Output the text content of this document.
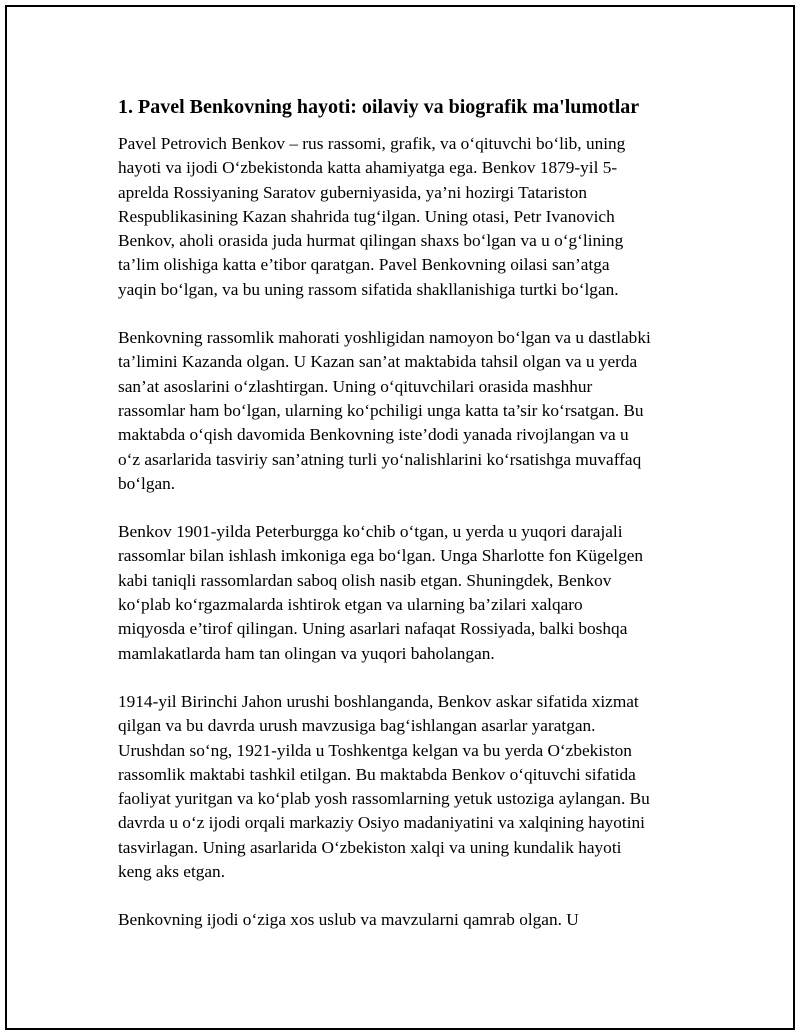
1. Pavel Benkovning hayoti: oilaviy va biografik ma'lumotlar

Pavel Petrovich Benkov – rus rassomi, grafik, va o‘qituvchi bo‘lib, uning
hayoti va ijodi O‘zbekistonda katta ahamiyatga ega. Benkov 1879-yil 5-
aprelda Rossiyaning Saratov guberniyasida, ya’ni hozirgi Tatariston
Respublikasining Kazan shahrida tug‘ilgan. Uning otasi, Petr Ivanovich
Benkov, aholi orasida juda hurmat qilingan shaxs bo‘lgan va u o‘g‘lining
ta’lim olishiga katta e’tibor qaratgan. Pavel Benkovning oilasi san’atga
yaqin bo‘lgan, va bu uning rassom sifatida shakllanishiga turtki bo‘lgan.

Benkovning rassomlik mahorati yoshligidan namoyon bo‘lgan va u dastlabki
ta’limini Kazanda olgan. U Kazan san’at maktabida tahsil olgan va u yerda
san’at asoslarini o‘zlashtirgan. Uning o‘qituvchilari orasida mashhur
rassomlar ham bo‘lgan, ularning ko‘pchiligi unga katta ta’sir ko‘rsatgan. Bu
maktabda o‘qish davomida Benkovning iste’dodi yanada rivojlangan va u
o‘z asarlarida tasviriy san’atning turli yo‘nalishlarini ko‘rsatishga muvaffaq
bo‘lgan.

Benkov 1901-yilda Peterburgga ko‘chib o‘tgan, u yerda u yuqori darajali
rassomlar bilan ishlash imkoniga ega bo‘lgan. Unga Sharlotte fon Kügelgen
kabi taniqli rassomlardan saboq olish nasib etgan. Shuningdek, Benkov
ko‘plab ko‘rgazmalarda ishtirok etgan va ularning ba’zilari xalqaro
miqyosda e’tirof qilingan. Uning asarlari nafaqat Rossiyada, balki boshqa
mamlakatlarda ham tan olingan va yuqori baholangan.

1914-yil Birinchi Jahon urushi boshlanganda, Benkov askar sifatida xizmat
qilgan va bu davrda urush mavzusiga bag‘ishlangan asarlar yaratgan.
Urushdan so‘ng, 1921-yilda u Toshkentga kelgan va bu yerda O‘zbekiston
rassomlik maktabi tashkil etilgan. Bu maktabda Benkov o‘qituvchi sifatida
faoliyat yuritgan va ko‘plab yosh rassomlarning yetuk ustoziga aylangan. Bu
davrda u o‘z ijodi orqali markaziy Osiyo madaniyatini va xalqining hayotini
tasvirlagan. Uning asarlarida O‘zbekiston xalqi va uning kundalik hayoti
keng aks etgan.

Benkovning ijodi o‘ziga xos uslub va mavzularni qamrab olgan. U
